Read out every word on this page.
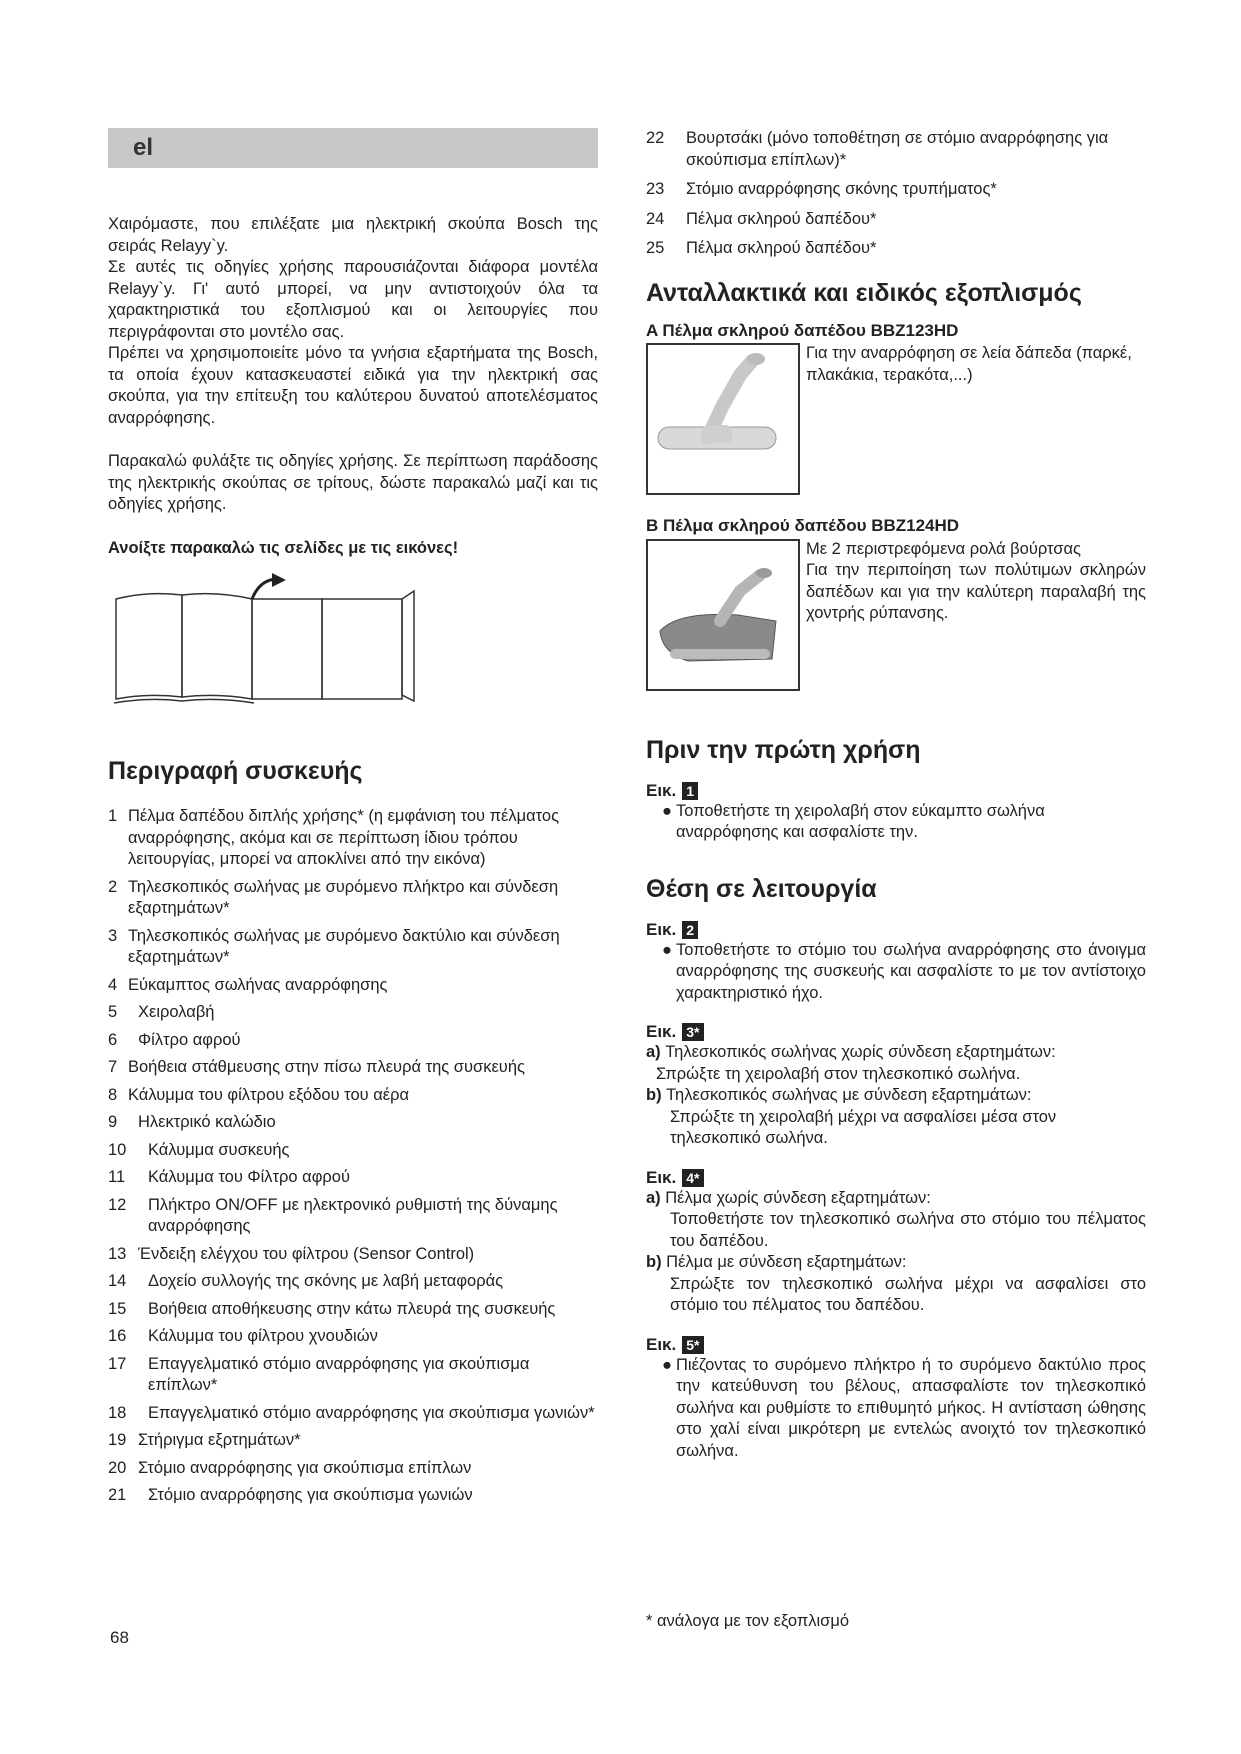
el

Χαιρόμαστε, που επιλέξατε μια ηλεκτρική σκούπα Bosch της σειράς Relayy`y.

Σε αυτές τις οδηγίες χρήσης παρουσιάζονται διάφορα μοντέλα Relayy`y. Γι' αυτό μπορεί, να μην αντιστοιχούν όλα τα χαρακτηριστικά του εξοπλισμού και οι λειτουργίες που περιγράφονται στο μοντέλο σας.

Πρέπει να χρησιμοποιείτε μόνο τα γνήσια εξαρτήματα της Bosch, τα οποία έχουν κατασκευαστεί ειδικά για την ηλεκτρική σας σκούπα, για την επίτευξη του καλύτερου δυνατού αποτελέσματος αναρρόφησης.

Παρακαλώ φυλάξτε τις οδηγίες χρήσης. Σε περίπτωση παράδοσης της ηλεκτρικής σκούπας σε τρίτους, δώστε παρακαλώ μαζί και τις οδηγίες χρήσης.

Ανοίξτε παρακαλώ τις σελίδες με τις εικόνες!

Περιγραφή συσκευής
1 Πέλμα δαπέδου διπλής χρήσης* (η εμφάνιση του πέλματος αναρρόφησης, ακόμα και σε περίπτωση ίδιου τρόπου λειτουργίας, μπορεί να αποκλίνει από την εικόνα)
2 Τηλεσκοπικός σωλήνας με συρόμενο πλήκτρο και σύνδεση εξαρτημάτων*
3 Τηλεσκοπικός σωλήνας με συρόμενο δακτύλιο και σύνδεση εξαρτημάτων*
4 Εύκαμπτος σωλήνας αναρρόφησης
5	Χειρολαβή
6	Φίλτρο αφρού
7 Βοήθεια στάθμευσης στην πίσω πλευρά της συσκευής
8 Κάλυμμα του φίλτρου εξόδου του αέρα
9	Ηλεκτρικό καλώδιο
10	Κάλυμμα συσκευής
11	Κάλυμμα του Φίλτρο αφρού
12	Πλήκτρο ON/OFF με ηλεκτρονικό ρυθμιστή της δύναμης αναρρόφησης
13 Ένδειξη ελέγχου του φίλτρου (Sensor Control)
14	Δοχείο συλλογής της σκόνης με λαβή μεταφοράς
15	Βοήθεια αποθήκευσης στην κάτω πλευρά της συσκευής
16	Κάλυμμα του φίλτρου χνουδιών
17	Επαγγελματικό στόμιο αναρρόφησης για σκούπισμα επίπλων*
18	Επαγγελματικό στόμιο αναρρόφησης για σκούπισμα γωνιών*
19 Στήριγμα εξρτημάτων*
20 Στόμιο αναρρόφησης για σκούπισμα επίπλων
21	Στόμιο αναρρόφησης για σκούπισμα γωνιών
22	Βουρτσάκι (μόνο τοποθέτηση σε στόμιο αναρρόφησης για σκούπισμα επίπλων)*
23	Στόμιο αναρρόφησης σκόνης τρυπήματος*
24	Πέλμα σκληρού δαπέδου*
25	Πέλμα σκληρού δαπέδου*
Ανταλλακτικά και ειδικός εξοπλισμός

A Πέλμα σκληρού δαπέδου BBZ123HD

Για την αναρρόφηση σε λεία δάπεδα (παρκέ, πλακάκια, τερακότα,...)

B Πέλμα σκληρού δαπέδου BBZ124HD

Με 2 περιστρεφόμενα ρολά βούρτσας
Για την περιποίηση των πολύτιμων σκληρών δαπέδων και για την καλύτερη παραλαβή της χοντρής ρύπανσης.
Πριν την πρώτη χρήση
Εικ. 1
● Τοποθετήστε τη χειρολαβή στον εύκαμπτο σωλήνα αναρρόφησης και ασφαλίστε την.
Θέση σε λειτουργία
Εικ. 2
● Τοποθετήστε το στόμιο του σωλήνα αναρρόφησης στο άνοιγμα αναρρόφησης της συσκευής και ασφαλίστε το με τον αντίστοιχο χαρακτηριστικό ήχο.
Εικ. 3*

a) Τηλεσκοπικός σωλήνας χωρίς σύνδεση εξαρτημάτων:

Σπρώξτε τη χειρολαβή στον τηλεσκοπικό σωλήνα.

b) Τηλεσκοπικός σωλήνας με σύνδεση εξαρτημάτων:

Σπρώξτε τη χειρολαβή μέχρι να ασφαλίσει μέσα στον τηλεσκοπικό σωλήνα.

Εικ. 4*

a) Πέλμα χωρίς σύνδεση εξαρτημάτων:

Τοποθετήστε τον τηλεσκοπικό σωλήνα στο στόμιο του πέλματος του δαπέδου.

b) Πέλμα με σύνδεση εξαρτημάτων:

Σπρώξτε τον τηλεσκοπικό σωλήνα μέχρι να ασφαλίσει στο στόμιο του πέλματος του δαπέδου.

Εικ. 5*
● Πιέζοντας το συρόμενο πλήκτρο ή το συρόμενο δακτύλιο προς την κατεύθυνση του βέλους, απασφαλίστε τον τηλεσκοπικό σωλήνα και ρυθμίστε το επιθυμητό μήκος. Η αντίσταση ώθησης στο χαλί είναι μικρότερη με εντελώς ανοιχτό τον τηλεσκοπικό σωλήνα.
68
* ανάλογα με τον εξοπλισμό
